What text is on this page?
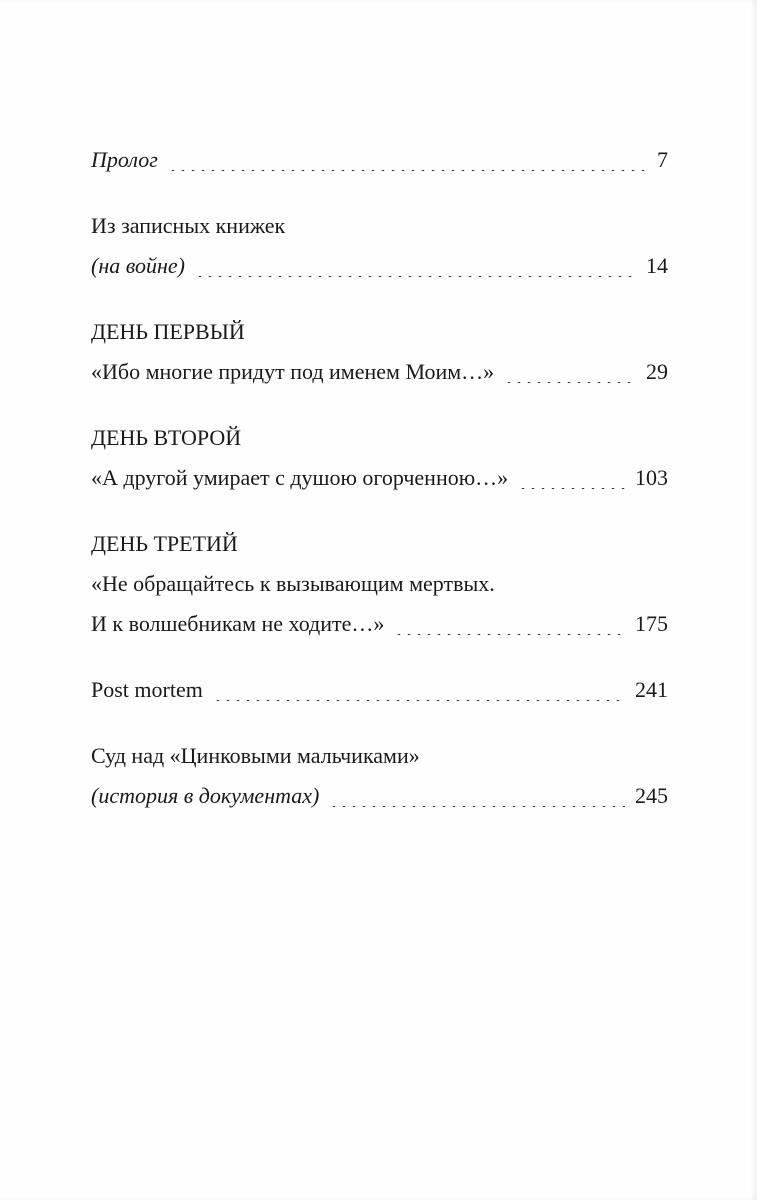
Пролог	7
Из записных книжек
(на войне)	14
ДЕНЬ ПЕРВЫЙ
«Ибо многие придут под именем Моим…»	29
ДЕНЬ ВТОРОЙ
«А другой умирает с душою огорченною…»	103
ДЕНЬ ТРЕТИЙ
«Не обращайтесь к вызывающим мертвых.
И к волшебникам не ходите…»	175
Post mortem	241
Суд над «Цинковыми мальчиками»
(история в документах)	245
